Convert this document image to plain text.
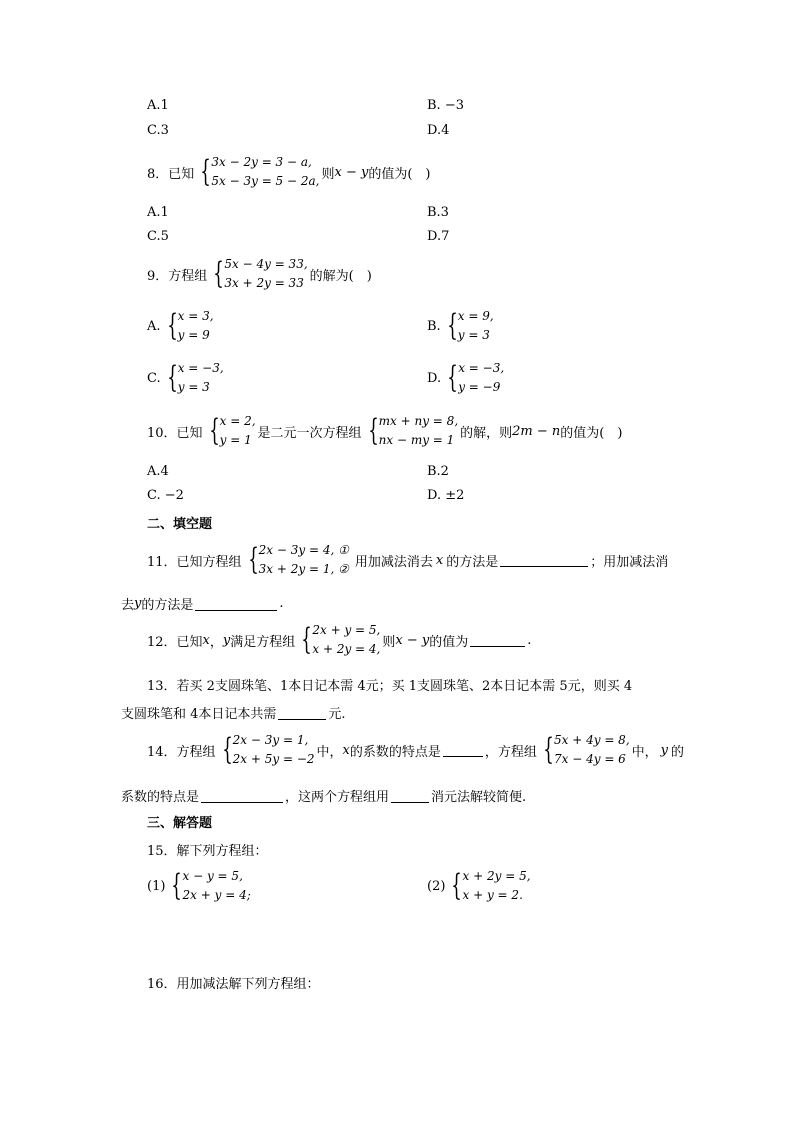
A.1	B. −3
C.3	D.4
8．已知 { 3x − 2y = 3 − a,
5x − 3y = 5 − 2a, 则 x − y 的值为(　)
A.1	B.3
C.5	D.7
9．方程组 { 5x − 4y = 33,
3x + 2y = 33 的解为(　)
A. { x = 3,
y = 9
B. { x = 9,
y = 3
C. { x = −3,
y = 3
D. { x = −3,
y = −9
10．已知 { x = 2,
y = 1 是二元一次方程组 { mx + ny = 8,
nx − my = 1 的解，则 2m − n 的值为(　)
A.4	B.2
C. −2	D. ±2
二、填空题
11．已知方程组 { 2x − 3y = 4, ①
3x + 2y = 1, ② 用加减法消去 x 的方法是	；用加减法消
去 y 的方法是	.
12．已知 x ， y 满足方程组 { 2x + y = 5,
x + 2y = 4, 则 x − y 的值为	.
13．若买 2支圆珠笔、1本日记本需 4元；买 1支圆珠笔、2本日记本需 5元，则买 4
支圆珠笔和 4本日记本共需	元.
14．方程组 { 2x − 3y = 1,
2x + 5y = −2 中， x 的系数的特点是	，方程组 { 5x + 4y = 8,
7x − 4y = 6 中， y 的
系数的特点是	，这两个方程组用	消元法解较简便.
三、解答题
15．解下列方程组：
(1) { x − y = 5,
2x + y = 4;
(2) { x + 2y = 5,
x + y = 2.
16．用加减法解下列方程组：
